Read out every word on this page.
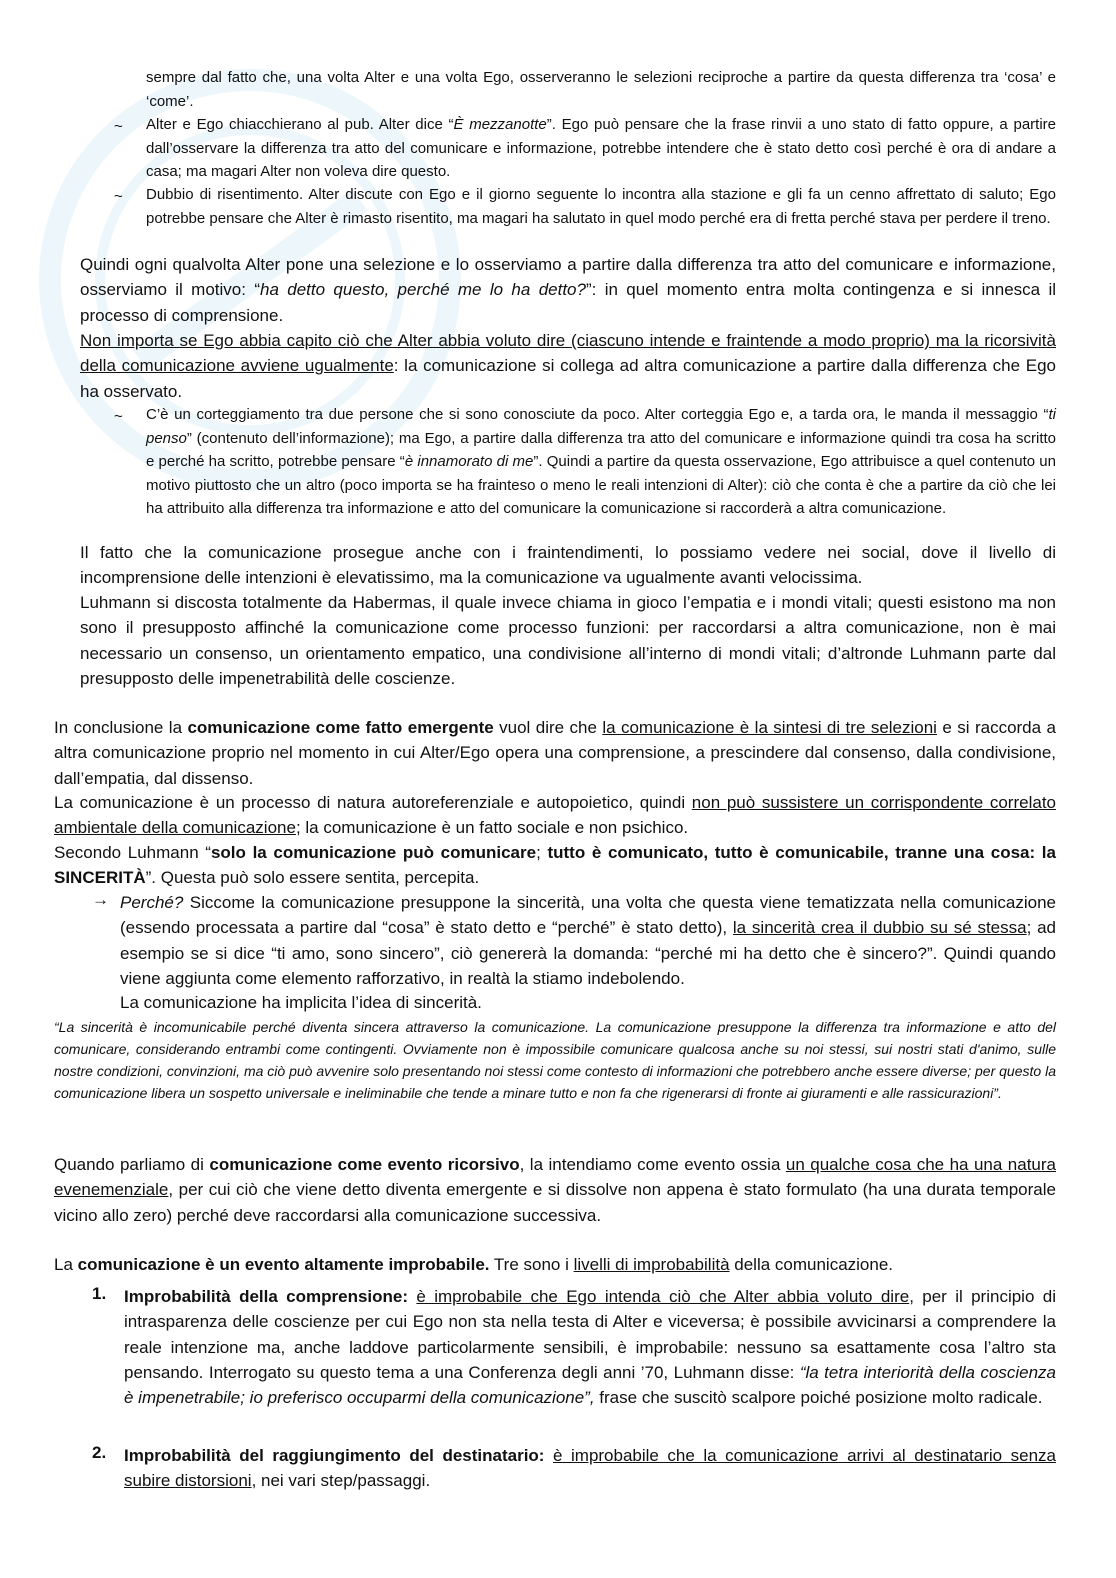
sempre dal fatto che, una volta Alter e una volta Ego, osserveranno le selezioni reciproche a partire da questa differenza tra ‘cosa’ e ‘come’.

~ Alter e Ego chiacchierano al pub. Alter dice “È mezzanotte”. Ego può pensare che la frase rinvii a uno stato di fatto oppure, a partire dall’osservare la differenza tra atto del comunicare e informazione, potrebbe intendere che è stato detto così perché è ora di andare a casa; ma magari Alter non voleva dire questo.

~ Dubbio di risentimento. Alter discute con Ego e il giorno seguente lo incontra alla stazione e gli fa un cenno affrettato di saluto; Ego potrebbe pensare che Alter è rimasto risentito, ma magari ha salutato in quel modo perché era di fretta perché stava per perdere il treno.

Quindi ogni qualvolta Alter pone una selezione e lo osserviamo a partire dalla differenza tra atto del comunicare e informazione, osserviamo il motivo: “ha detto questo, perché me lo ha detto?”: in quel momento entra molta contingenza e si innesca il processo di comprensione.

Non importa se Ego abbia capito ciò che Alter abbia voluto dire (ciascuno intende e fraintende a modo proprio) ma la ricorsività della comunicazione avviene ugualmente: la comunicazione si collega ad altra comunicazione a partire dalla differenza che Ego ha osservato.

~ C’è un corteggiamento tra due persone che si sono conosciute da poco. Alter corteggia Ego e, a tarda ora, le manda il messaggio “ti penso” (contenuto dell’informazione); ma Ego, a partire dalla differenza tra atto del comunicare e informazione quindi tra cosa ha scritto e perché ha scritto, potrebbe pensare “è innamorato di me”. Quindi a partire da questa osservazione, Ego attribuisce a quel contenuto un motivo piuttosto che un altro (poco importa se ha frainteso o meno le reali intenzioni di Alter): ciò che conta è che a partire da ciò che lei ha attribuito alla differenza tra informazione e atto del comunicare la comunicazione si raccorderà a altra comunicazione.

Il fatto che la comunicazione prosegue anche con i fraintendimenti, lo possiamo vedere nei social, dove il livello di incomprensione delle intenzioni è elevatissimo, ma la comunicazione va ugualmente avanti velocissima.

Luhmann si discosta totalmente da Habermas, il quale invece chiama in gioco l’empatia e i mondi vitali; questi esistono ma non sono il presupposto affinché la comunicazione come processo funzioni: per raccordarsi a altra comunicazione, non è mai necessario un consenso, un orientamento empatico, una condivisione all’interno di mondi vitali; d’altronde Luhmann parte dal presupposto delle impenetrabilità delle coscienze.

In conclusione la comunicazione come fatto emergente vuol dire che la comunicazione è la sintesi di tre selezioni e si raccorda a altra comunicazione proprio nel momento in cui Alter/Ego opera una comprensione, a prescindere dal consenso, dalla condivisione, dall’empatia, dal dissenso.

La comunicazione è un processo di natura autoreferenziale e autopoietico, quindi non può sussistere un corrispondente correlato ambientale della comunicazione; la comunicazione è un fatto sociale e non psichico.

Secondo Luhmann “solo la comunicazione può comunicare; tutto è comunicato, tutto è comunicabile, tranne una cosa: la SINCERITÀ”. Questa può solo essere sentita, percepita.

→ Perché? Siccome la comunicazione presuppone la sincerità, una volta che questa viene tematizzata nella comunicazione (essendo processata a partire dal “cosa” è stato detto e “perché” è stato detto), la sincerità crea il dubbio su sé stessa; ad esempio se si dice “ti amo, sono sincero”, ciò genererà la domanda: “perché mi ha detto che è sincero?”. Quindi quando viene aggiunta come elemento rafforzativo, in realtà la stiamo indebolendo.

La comunicazione ha implicita l’idea di sincerità.

“La sincerità è incomunicabile perché diventa sincera attraverso la comunicazione. La comunicazione presuppone la differenza tra informazione e atto del comunicare, considerando entrambi come contingenti. Ovviamente non è impossibile comunicare qualcosa anche su noi stessi, sui nostri stati d'animo, sulle nostre condizioni, convinzioni, ma ciò può avvenire solo presentando noi stessi come contesto di informazioni che potrebbero anche essere diverse; per questo la comunicazione libera un sospetto universale e ineliminabile che tende a minare tutto e non fa che rigenerarsi di fronte ai giuramenti e alle rassicurazioni”.

Quando parliamo di comunicazione come evento ricorsivo, la intendiamo come evento ossia un qualche cosa che ha una natura evenemenziale, per cui ciò che viene detto diventa emergente e si dissolve non appena è stato formulato (ha una durata temporale vicino allo zero) perché deve raccordarsi alla comunicazione successiva.

La comunicazione è un evento altamente improbabile. Tre sono i livelli di improbabilità della comunicazione.

1. Improbabilità della comprensione: è improbabile che Ego intenda ciò che Alter abbia voluto dire, per il principio di intrasparenza delle coscienze per cui Ego non sta nella testa di Alter e viceversa; è possibile avvicinarsi a comprendere la reale intenzione ma, anche laddove particolarmente sensibili, è improbabile: nessuno sa esattamente cosa l’altro sta pensando. Interrogato su questo tema a una Conferenza degli anni ’70, Luhmann disse: “la tetra interiorità della coscienza è impenetrabile; io preferisco occuparmi della comunicazione”, frase che suscitò scalpore poiché posizione molto radicale.

2. Improbabilità del raggiungimento del destinatario: è improbabile che la comunicazione arrivi al destinatario senza subire distorsioni, nei vari step/passaggi.
